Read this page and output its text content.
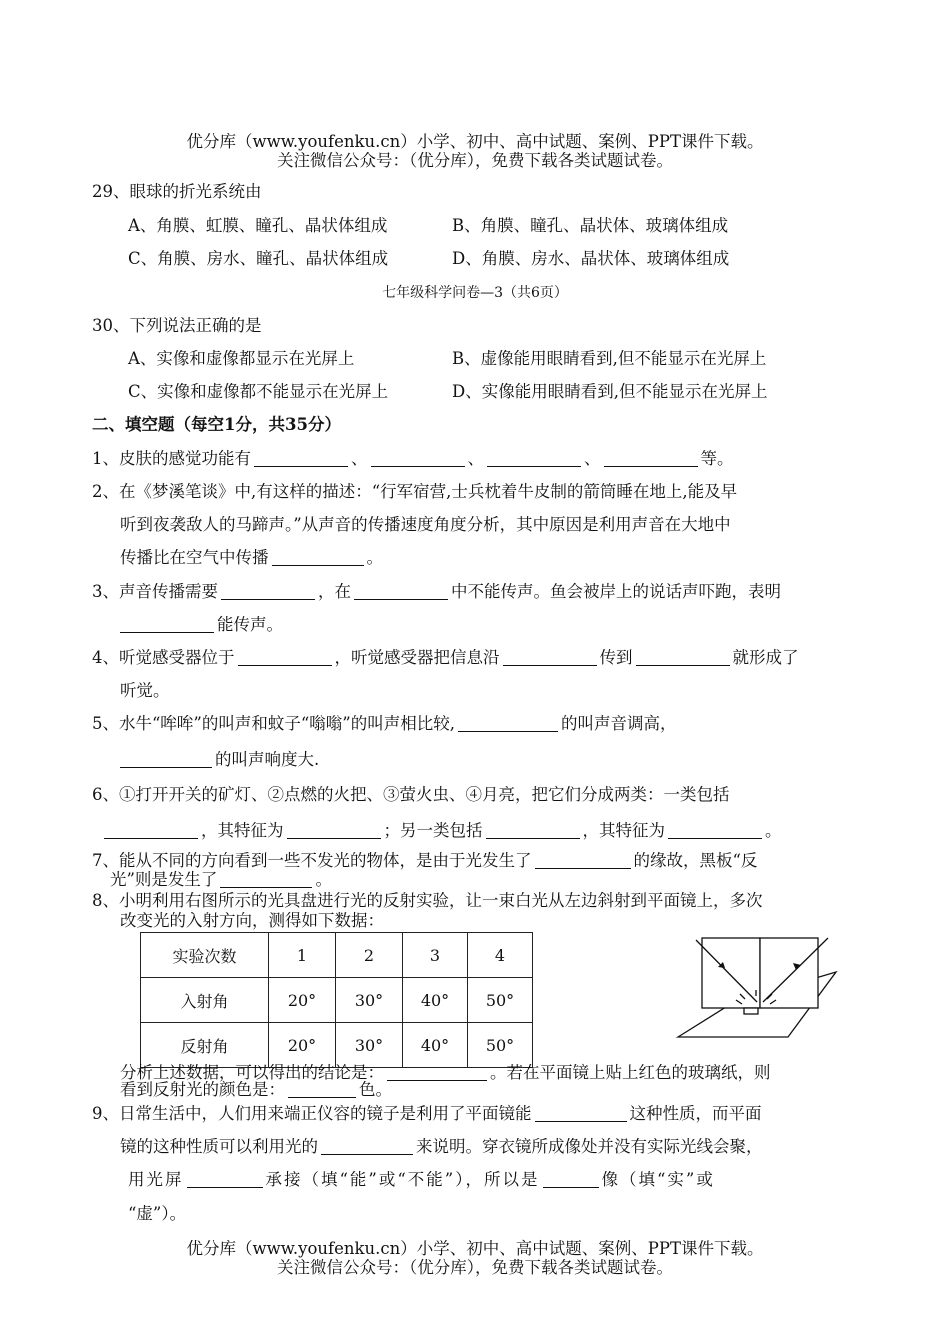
优分库（www.youfenku.cn）小学、初中、高中试题、案例、PPT课件下载。
关注微信公众号：（优分库），免费下载各类试题试卷。
29、眼球的折光系统由
A、角膜、虹膜、瞳孔、晶状体组成	B、角膜、瞳孔、晶状体、玻璃体组成
C、角膜、房水、瞳孔、晶状体组成	D、角膜、房水、晶状体、玻璃体组成
七年级科学问卷—3（共6页）
30、下列说法正确的是
A、实像和虚像都显示在光屏上	B、虚像能用眼睛看到,但不能显示在光屏上
C、实像和虚像都不能显示在光屏上	D、实像能用眼睛看到,但不能显示在光屏上
二、填空题（每空1分，共35分）
1、皮肤的感觉功能有	、	、	、	等。
2、在《梦溪笔谈》中,有这样的描述：“行军宿营,士兵枕着牛皮制的箭筒睡在地上,能及早
听到夜袭敌人的马蹄声。”从声音的传播速度角度分析，其中原因是利用声音在大地中
传播比在空气中传播	。
3、声音传播需要	，在	中不能传声。鱼会被岸上的说话声吓跑，表明
能传声。
4、听觉感受器位于	，听觉感受器把信息沿	传到	就形成了
听觉。
5、水牛“哞哞”的叫声和蚊子“嗡嗡”的叫声相比较,	的叫声音调高，
的叫声响度大.
6、①打开开关的矿灯、②点燃的火把、③萤火虫、④月亮，把它们分成两类：一类包括
，其特征为	；另一类包括	，其特征为	。
7、能从不同的方向看到一些不发光的物体，是由于光发生了	的缘故，黑板“反
光”则是发生了	。
8、小明利用右图所示的光具盘进行光的反射实验，让一束白光从左边斜射到平面镜上，多次
改变光的入射方向，测得如下数据：
实验次数	1	2	3	4
入射角	20°	30°	40°	50°
反射角	20°	30°	40°	50°
分析上述数据，可以得出的结论是：	。若在平面镜上贴上红色的玻璃纸，则
看到反射光的颜色是：	色。
9、日常生活中，人们用来端正仪容的镜子是利用了平面镜能	这种性质，而平面
镜的这种性质可以利用光的	来说明。穿衣镜所成像处并没有实际光线会聚，
用光屏	承接（填“能”或“不能”），所以是	像（填“实”或
“虚”）。
优分库（www.youfenku.cn）小学、初中、高中试题、案例、PPT课件下载。
关注微信公众号：（优分库），免费下载各类试题试卷。
